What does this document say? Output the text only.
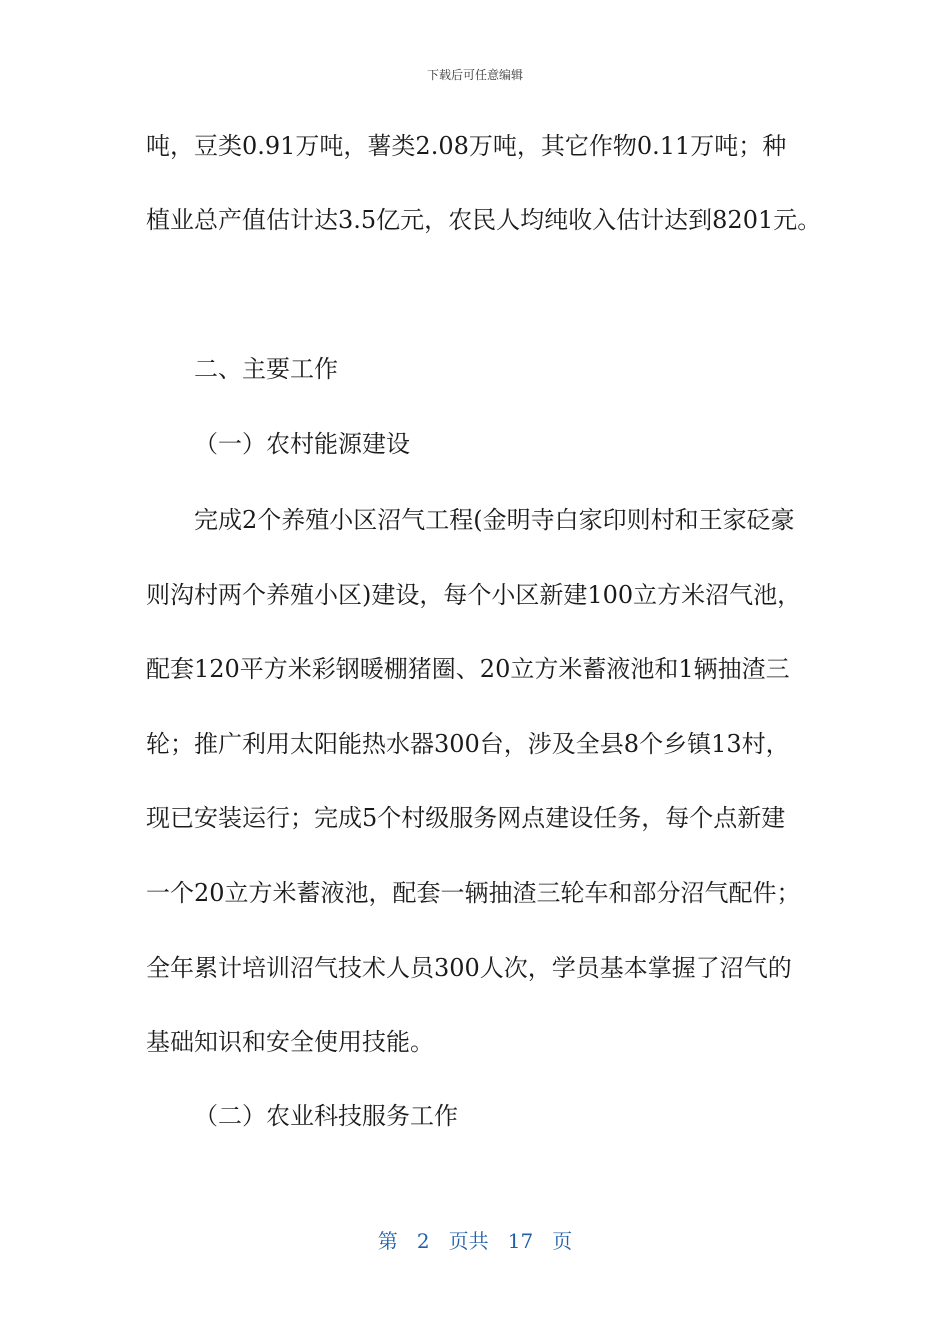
下载后可任意编辑
吨，豆类0.91万吨，薯类2.08万吨，其它作物0.11万吨；种
植业总产值估计达3.5亿元，农民人均纯收入估计达到8201元。
二、主要工作
（一）农村能源建设
完成2个养殖小区沼气工程(金明寺白家印则村和王家砭豪
则沟村两个养殖小区)建设，每个小区新建100立方米沼气池，
配套120平方米彩钢暖棚猪圈、20立方米蓄液池和1辆抽渣三
轮；推广利用太阳能热水器300台，涉及全县8个乡镇13村，
现已安装运行；完成5个村级服务网点建设任务，每个点新建
一个20立方米蓄液池，配套一辆抽渣三轮车和部分沼气配件；
全年累计培训沼气技术人员300人次，学员基本掌握了沼气的
基础知识和安全使用技能。
（二）农业科技服务工作
第 2 页共 17 页
